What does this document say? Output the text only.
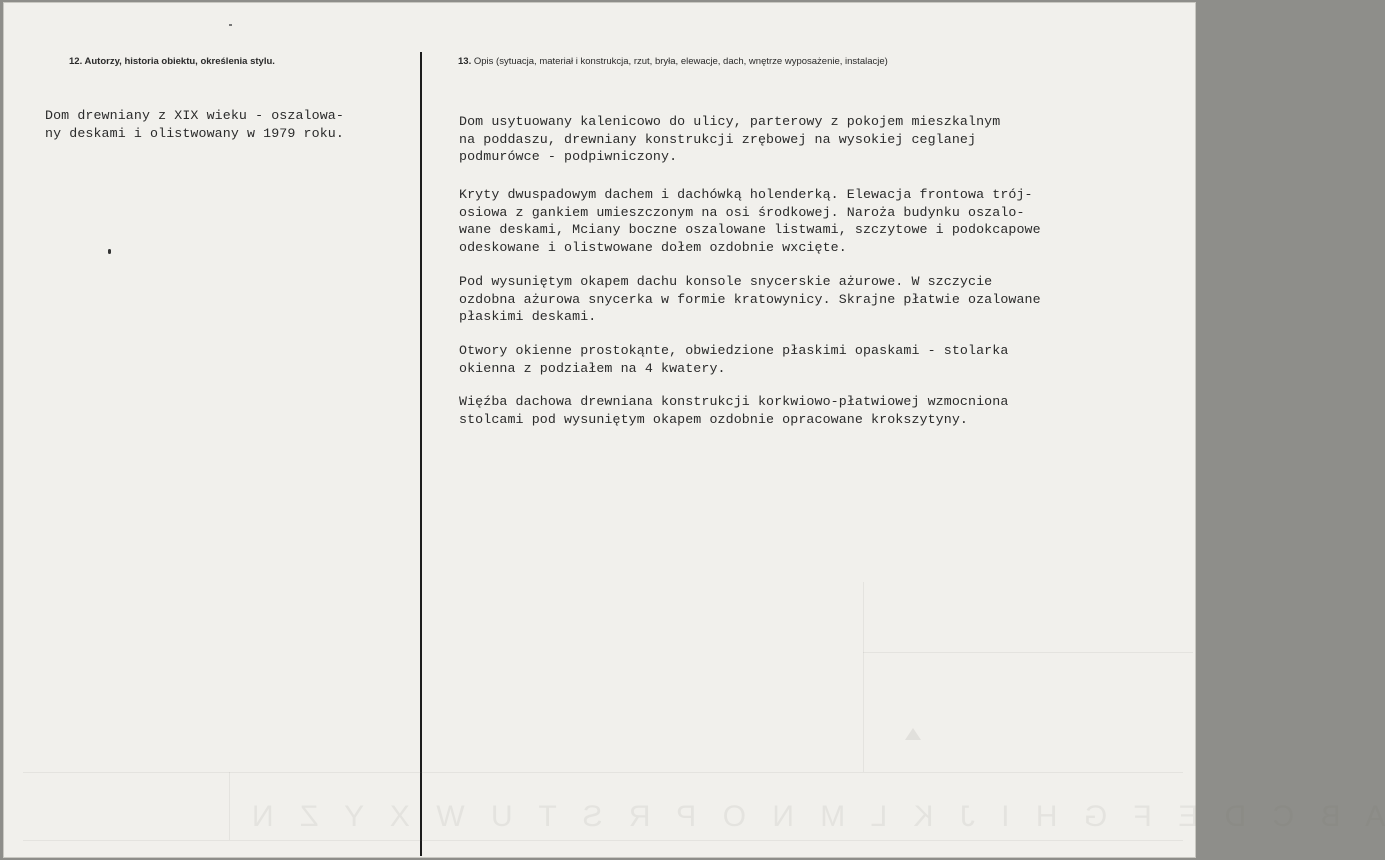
12. Autorzy, historia obiektu, określenia stylu.	13. Opis (sytuacja, materiał i konstrukcja, rzut, bryła, elewacje, dach, wnętrze wyposażenie, instalacje)
Dom drewniany z XIX wieku - oszalowa-
ny deskami i olistwowany w 1979 roku.
Dom usytuowany kalenicowo do ulicy, parterowy z pokojem mieszkalnym
na poddaszu, drewniany konstrukcji zrębowej na wysokiej ceglanej
podmurówce - podpiwniczony.
Kryty dwuspadowym dachem i dachówką holenderką. Elewacja frontowa trój-
osiowa z gankiem umieszczonym na osi środkowej. Naroża budynku oszalo-
wane deskami, Mciany boczne oszalowane listwami, szczytowe i podokcapowe
odeskowane i olistwowane dołem ozdobnie wxcięte.
Pod wysuniętym okapem dachu konsole snycerskie ażurowe. W szczycie
ozdobna ażurowa snycerka w formie kratowynicy. Skrajne płatwie ozalowane
płaskimi deskami.
Otwory okienne prostokąnte, obwiedzione płaskimi opaskami - stolarka
okienna z podziałem na 4 kwatery.
Więźba dachowa drewniana konstrukcji korkwiowo-płatwiowej wzmocniona
stolcami pod wysuniętym okapem ozdobnie opracowane krokszytyny.
A B C D E F G H I J K L M N O P R S T U W X Y Z N
